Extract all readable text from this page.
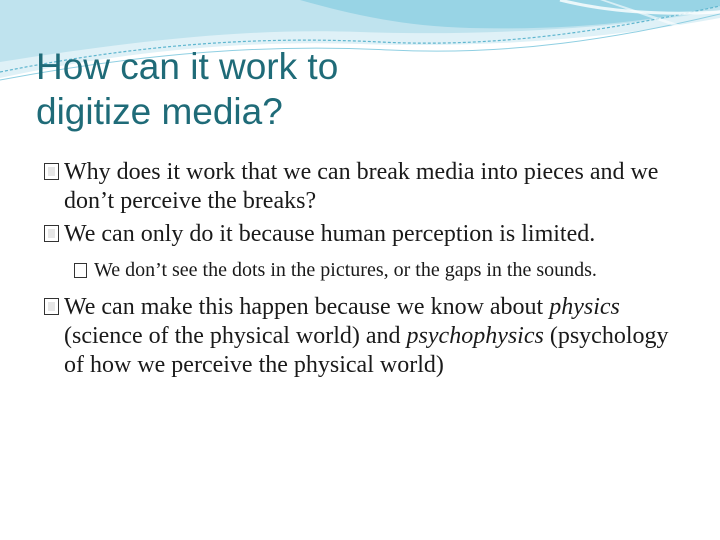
How can it work to
digitize media?
Why does it work that we can break media into pieces and we don’t perceive the breaks?
We can only do it because human perception is limited.
We don’t see the dots in the pictures, or the gaps in the sounds.
We can make this happen because we know about physics (science of the physical world) and psychophysics (psychology of how we perceive the physical world)
